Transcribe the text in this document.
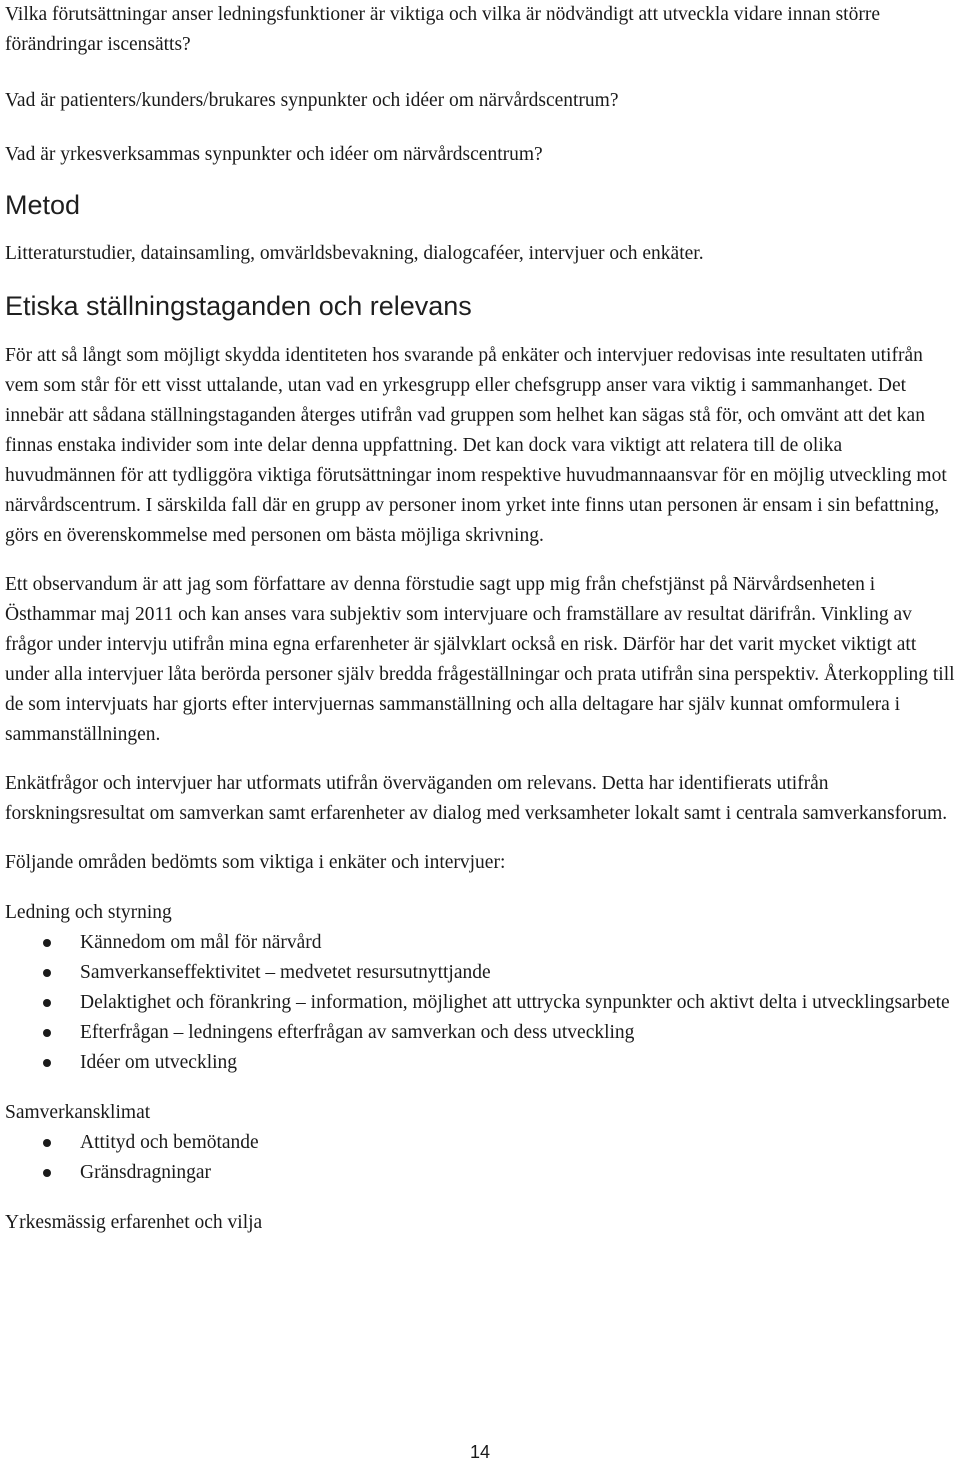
Vilka förutsättningar anser ledningsfunktioner är viktiga och vilka är nödvändigt att utveckla vidare innan större förändringar iscensätts?

Vad är patienters/kunders/brukares synpunkter och idéer om närvårdscentrum?

Vad är yrkesverksammas synpunkter och idéer om närvårdscentrum?

Metod

Litteraturstudier, datainsamling, omvärldsbevakning, dialogcaféer, intervjuer och enkäter.

Etiska ställningstaganden och relevans

För att så långt som möjligt skydda identiteten hos svarande på enkäter och intervjuer redovisas inte resultaten utifrån vem som står för ett visst uttalande, utan vad en yrkesgrupp eller chefsgrupp anser vara viktig i sammanhanget. Det innebär att sådana ställningstaganden återges utifrån vad gruppen som helhet kan sägas stå för, och omvänt att det kan finnas enstaka individer som inte delar denna uppfattning. Det kan dock vara viktigt att relatera till de olika huvudmännen för att tydliggöra viktiga förutsättningar inom respektive huvudmannaansvar för en möjlig utveckling mot närvårdscentrum. I särskilda fall där en grupp av personer inom yrket inte finns utan personen är ensam i sin befattning, görs en överenskommelse med personen om bästa möjliga skrivning.

Ett observandum är att jag som författare av denna förstudie sagt upp mig från chefstjänst på Närvårdsenheten i Östhammar maj 2011 och kan anses vara subjektiv som intervjuare och framställare av resultat därifrån. Vinkling av frågor under intervju utifrån mina egna erfarenheter är självklart också en risk. Därför har det varit mycket viktigt att under alla intervjuer låta berörda personer själv bredda frågeställningar och prata utifrån sina perspektiv. Återkoppling till de som intervjuats har gjorts efter intervjuernas sammanställning och alla deltagare har själv kunnat omformulera i sammanställningen.

Enkätfrågor och intervjuer har utformats utifrån överväganden om relevans. Detta har identifierats utifrån forskningsresultat om samverkan samt erfarenheter av dialog med verksamheter lokalt samt i centrala samverkansforum.

Följande områden bedömts som viktiga i enkäter och intervjuer:

Ledning och styrning

Kännedom om mål för närvård
Samverkanseffektivitet – medvetet resursutnyttjande
Delaktighet och förankring – information, möjlighet att uttrycka synpunkter och aktivt delta i utvecklingsarbete
Efterfrågan – ledningens efterfrågan av samverkan och dess utveckling
Idéer om utveckling

Samverkansklimat

Attityd och bemötande
Gränsdragningar

Yrkesmässig erfarenhet och vilja

14
